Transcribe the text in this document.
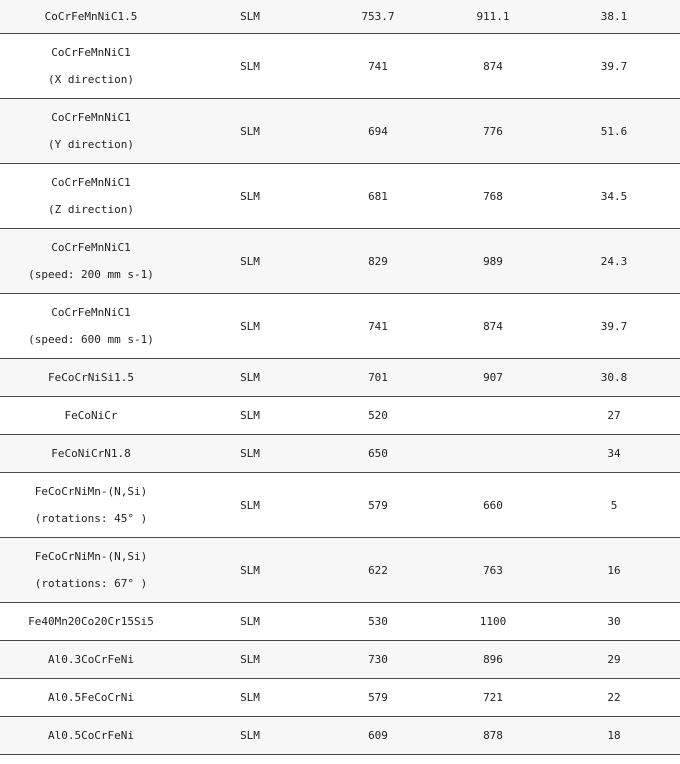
CoCrFeMnNiC1.5	SLM	753.7	911.1	38.1

CoCrFeMnNiC1
(X direction)	SLM	741	874	39.7

CoCrFeMnNiC1
(Y direction)	SLM	694	776	51.6

CoCrFeMnNiC1
(Z direction)	SLM	681	768	34.5

CoCrFeMnNiC1
(speed: 200 mm s-1)	SLM	829	989	24.3

CoCrFeMnNiC1
(speed: 600 mm s-1)	SLM	741	874	39.7

FeCoCrNiSi1.5	SLM	701	907	30.8

FeCoNiCr	SLM	520		27

FeCoNiCrN1.8	SLM	650		34

FeCoCrNiMn-(N,Si)
(rotations: 45° )	SLM	579	660	5

FeCoCrNiMn-(N,Si)
(rotations: 67° )	SLM	622	763	16

Fe40Mn20Co20Cr15Si5	SLM	530	1100	30

Al0.3CoCrFeNi	SLM	730	896	29

Al0.5FeCoCrNi	SLM	579	721	22

Al0.5CoCrFeNi	SLM	609	878	18
